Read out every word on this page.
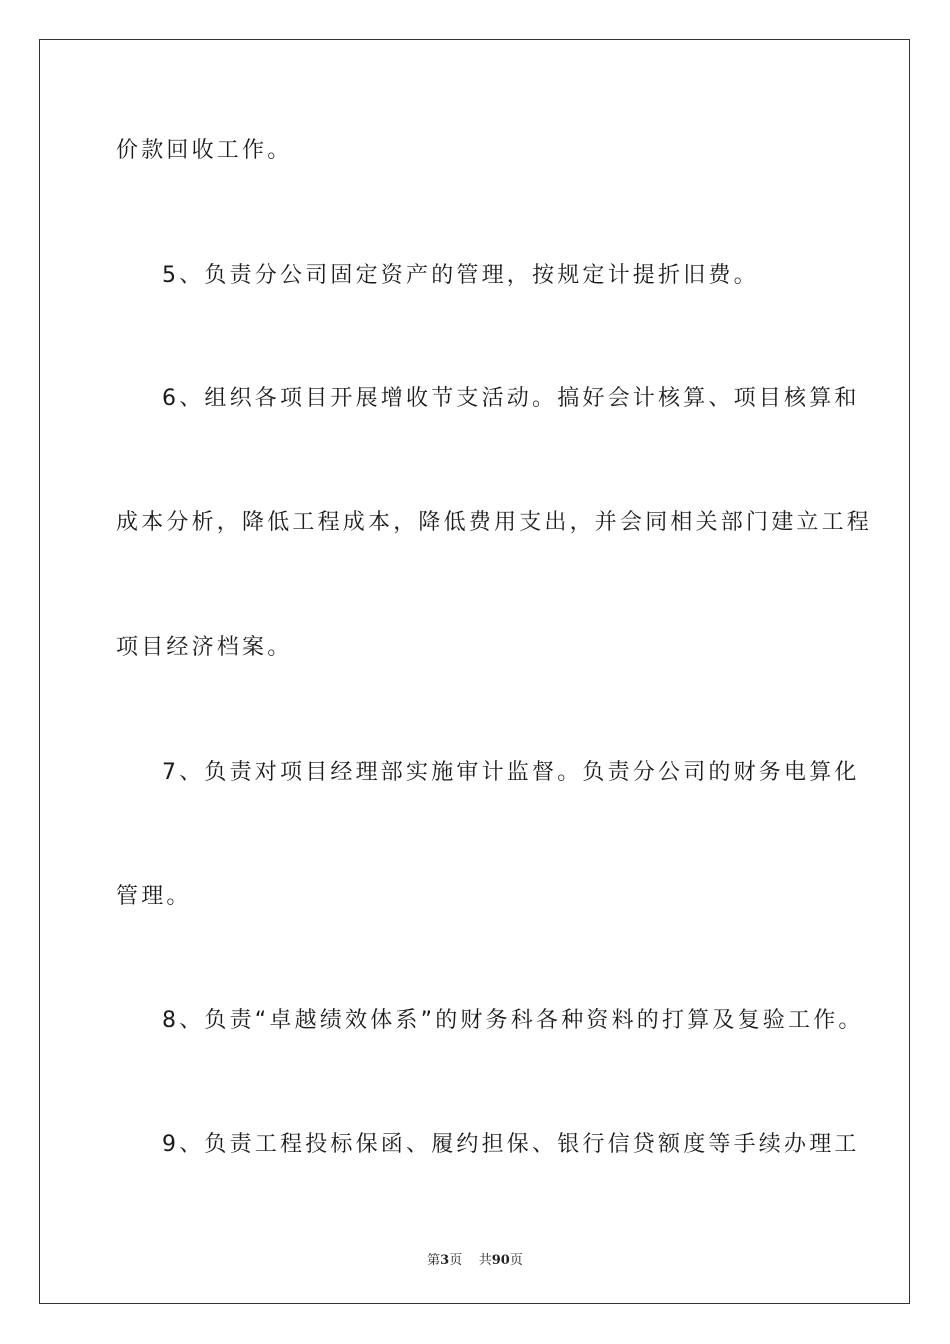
价款回收工作。

5、负责分公司固定资产的管理，按规定计提折旧费。

6、组织各项目开展增收节支活动。搞好会计核算、项目核算和

成本分析，降低工程成本，降低费用支出，并会同相关部门建立工程

项目经济档案。

7、负责对项目经理部实施审计监督。负责分公司的财务电算化

管理。

8、负责“卓越绩效体系”的财务科各种资料的打算及复验工作。

9、负责工程投标保函、履约担保、银行信贷额度等手续办理工

第3页 共90页
